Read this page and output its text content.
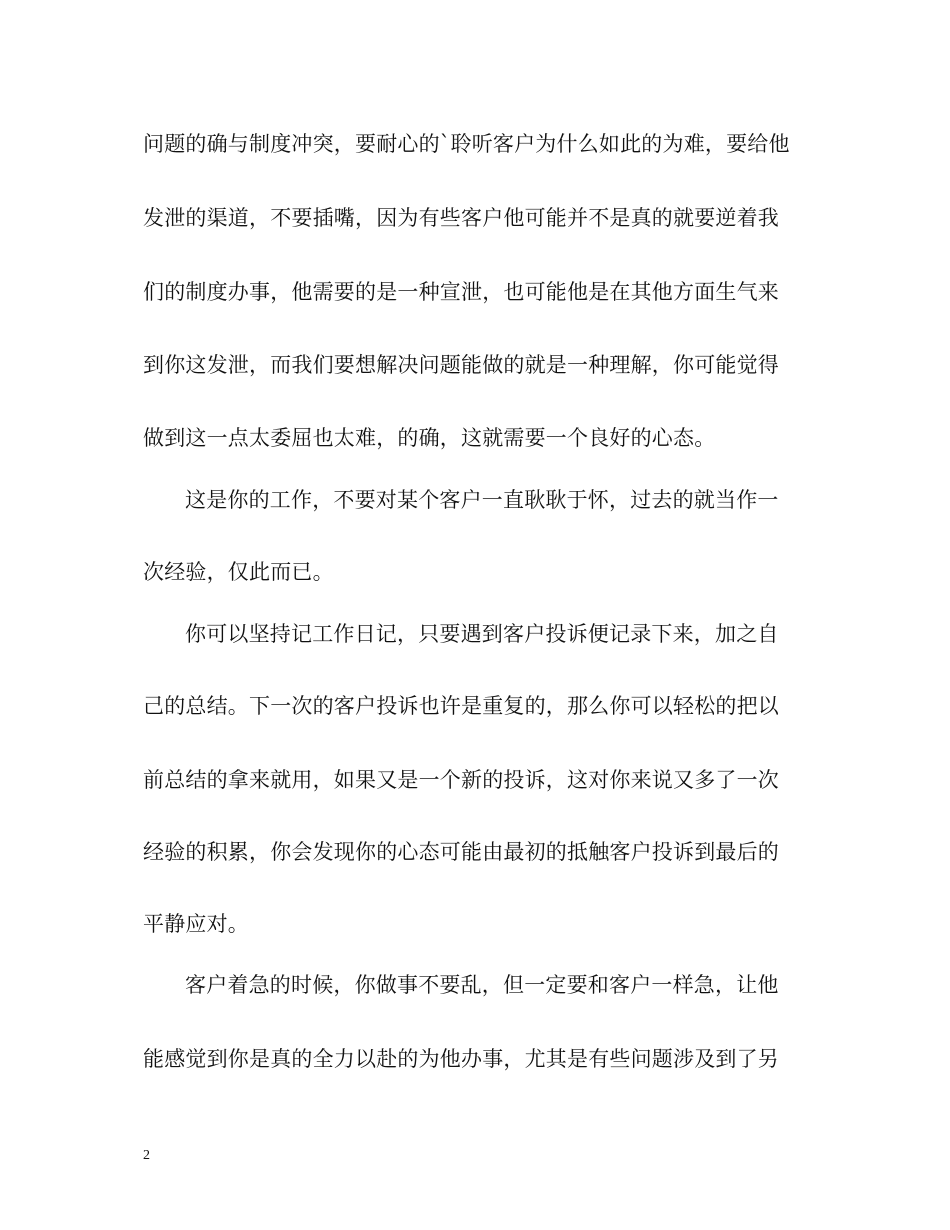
问题的确与制度冲突，要耐心的`聆听客户为什么如此的为难，要给他
发泄的渠道，不要插嘴，因为有些客户他可能并不是真的就要逆着我
们的制度办事，他需要的是一种宣泄，也可能他是在其他方面生气来
到你这发泄，而我们要想解决问题能做的就是一种理解，你可能觉得
做到这一点太委屈也太难，的确，这就需要一个良好的心态。
这是你的工作，不要对某个客户一直耿耿于怀，过去的就当作一
次经验，仅此而已。
你可以坚持记工作日记，只要遇到客户投诉便记录下来，加之自
己的总结。下一次的客户投诉也许是重复的，那么你可以轻松的把以
前总结的拿来就用，如果又是一个新的投诉，这对你来说又多了一次
经验的积累，你会发现你的心态可能由最初的抵触客户投诉到最后的
平静应对。
客户着急的时候，你做事不要乱，但一定要和客户一样急，让他
能感觉到你是真的全力以赴的为他办事，尤其是有些问题涉及到了另
2
